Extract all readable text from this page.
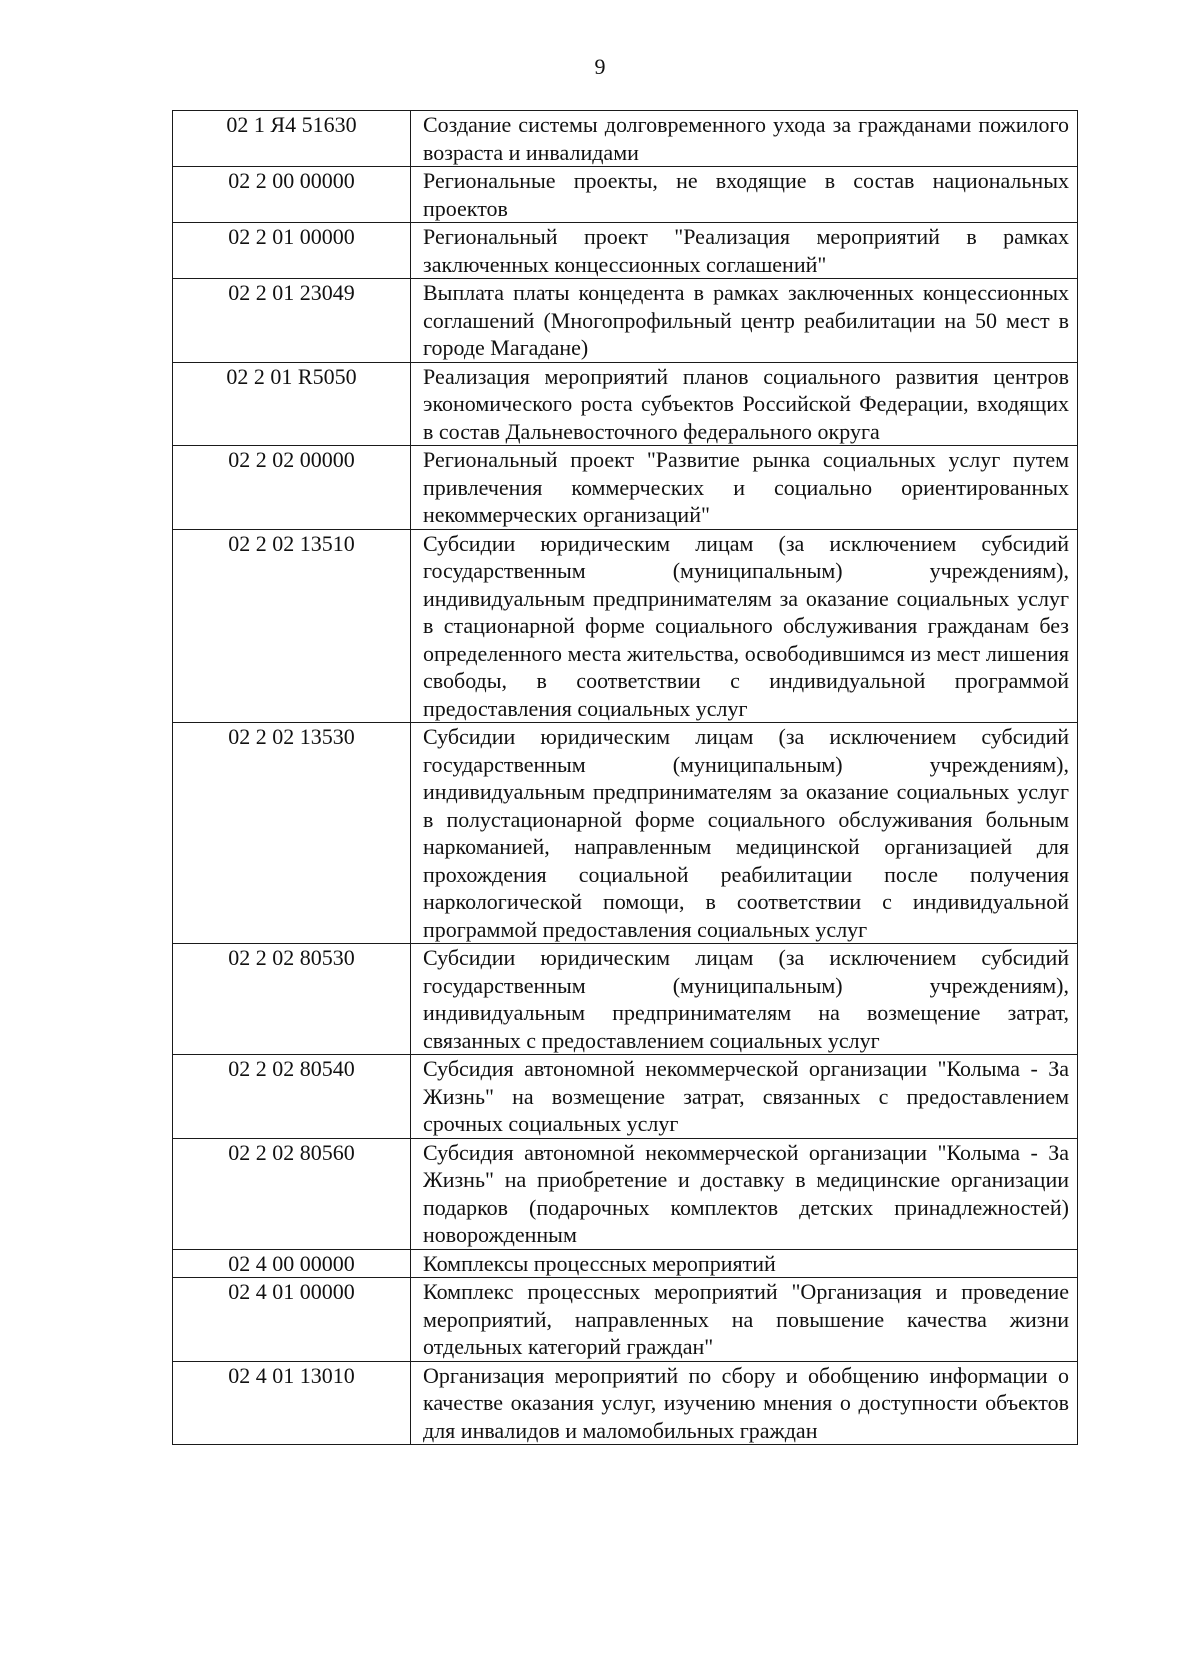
9
02 1 Я4 51630	Создание системы долговременного ухода за гражданами пожилого возраста и инвалидами
02 2 00 00000	Региональные проекты, не входящие в состав национальных проектов
02 2 01 00000	Региональный проект "Реализация мероприятий в рамках заключенных концессионных соглашений"
02 2 01 23049	Выплата платы концедента в рамках заключенных концессионных соглашений (Многопрофильный центр реабилитации на 50 мест в городе Магадане)
02 2 01 R5050	Реализация мероприятий планов социального развития центров экономического роста субъектов Российской Федерации, входящих в состав Дальневосточного федерального округа
02 2 02 00000	Региональный проект "Развитие рынка социальных услуг путем привлечения коммерческих и социально ориентированных некоммерческих организаций"
02 2 02 13510	Субсидии юридическим лицам (за исключением субсидий государственным (муниципальным) учреждениям), индивидуальным предпринимателям за оказание социальных услуг в стационарной форме социального обслуживания гражданам без определенного места жительства, освободившимся из мест лишения свободы, в соответствии с индивидуальной программой предоставления социальных услуг
02 2 02 13530	Субсидии юридическим лицам (за исключением субсидий государственным (муниципальным) учреждениям), индивидуальным предпринимателям за оказание социальных услуг в полустационарной форме социального обслуживания больным наркоманией, направленным медицинской организацией для прохождения социальной реабилитации после получения наркологической помощи, в соответствии с индивидуальной программой предоставления социальных услуг
02 2 02 80530	Субсидии юридическим лицам (за исключением субсидий государственным (муниципальным) учреждениям), индивидуальным предпринимателям на возмещение затрат, связанных с предоставлением социальных услуг
02 2 02 80540	Субсидия автономной некоммерческой организации "Колыма - За Жизнь" на возмещение затрат, связанных с предоставлением срочных социальных услуг
02 2 02 80560	Субсидия автономной некоммерческой организации "Колыма - За Жизнь" на приобретение и доставку в медицинские организации подарков (подарочных комплектов детских принадлежностей) новорожденным
02 4 00 00000	Комплексы процессных мероприятий
02 4 01 00000	Комплекс процессных мероприятий "Организация и проведение мероприятий, направленных на повышение качества жизни отдельных категорий граждан"
02 4 01 13010	Организация мероприятий по сбору и обобщению информации о качестве оказания услуг, изучению мнения о доступности объектов для инвалидов и маломобильных граждан
